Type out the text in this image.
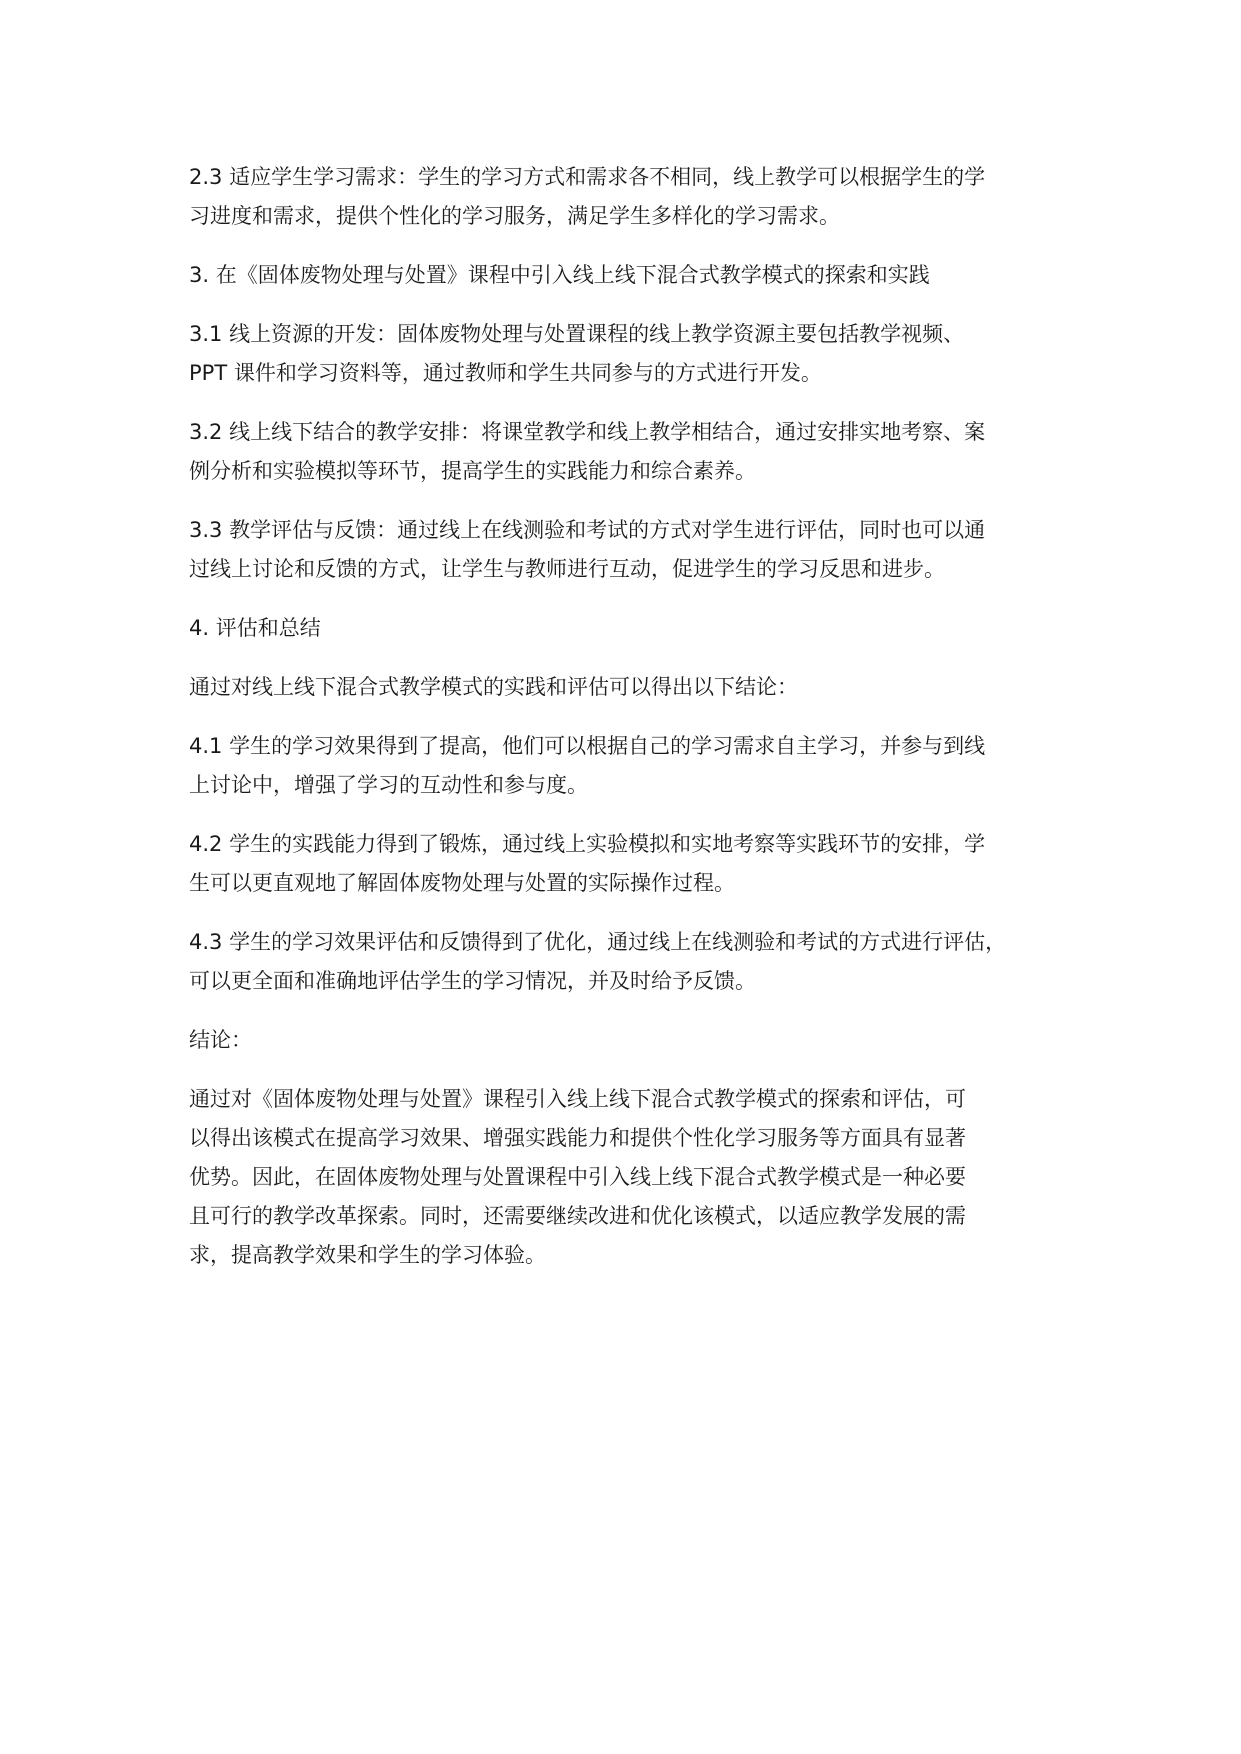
2.3 适应学生学习需求：学生的学习方式和需求各不相同，线上教学可以根据学生的学
习进度和需求，提供个性化的学习服务，满足学生多样化的学习需求。

3. 在《固体废物处理与处置》课程中引入线上线下混合式教学模式的探索和实践

3.1 线上资源的开发：固体废物处理与处置课程的线上教学资源主要包括教学视频、
PPT 课件和学习资料等，通过教师和学生共同参与的方式进行开发。

3.2 线上线下结合的教学安排：将课堂教学和线上教学相结合，通过安排实地考察、案
例分析和实验模拟等环节，提高学生的实践能力和综合素养。

3.3 教学评估与反馈：通过线上在线测验和考试的方式对学生进行评估，同时也可以通
过线上讨论和反馈的方式，让学生与教师进行互动，促进学生的学习反思和进步。

4. 评估和总结

通过对线上线下混合式教学模式的实践和评估可以得出以下结论：

4.1 学生的学习效果得到了提高，他们可以根据自己的学习需求自主学习，并参与到线
上讨论中，增强了学习的互动性和参与度。

4.2 学生的实践能力得到了锻炼，通过线上实验模拟和实地考察等实践环节的安排，学
生可以更直观地了解固体废物处理与处置的实际操作过程。

4.3 学生的学习效果评估和反馈得到了优化，通过线上在线测验和考试的方式进行评估，
可以更全面和准确地评估学生的学习情况，并及时给予反馈。

结论：

通过对《固体废物处理与处置》课程引入线上线下混合式教学模式的探索和评估，可
以得出该模式在提高学习效果、增强实践能力和提供个性化学习服务等方面具有显著
优势。因此，在固体废物处理与处置课程中引入线上线下混合式教学模式是一种必要
且可行的教学改革探索。同时，还需要继续改进和优化该模式，以适应教学发展的需
求，提高教学效果和学生的学习体验。
